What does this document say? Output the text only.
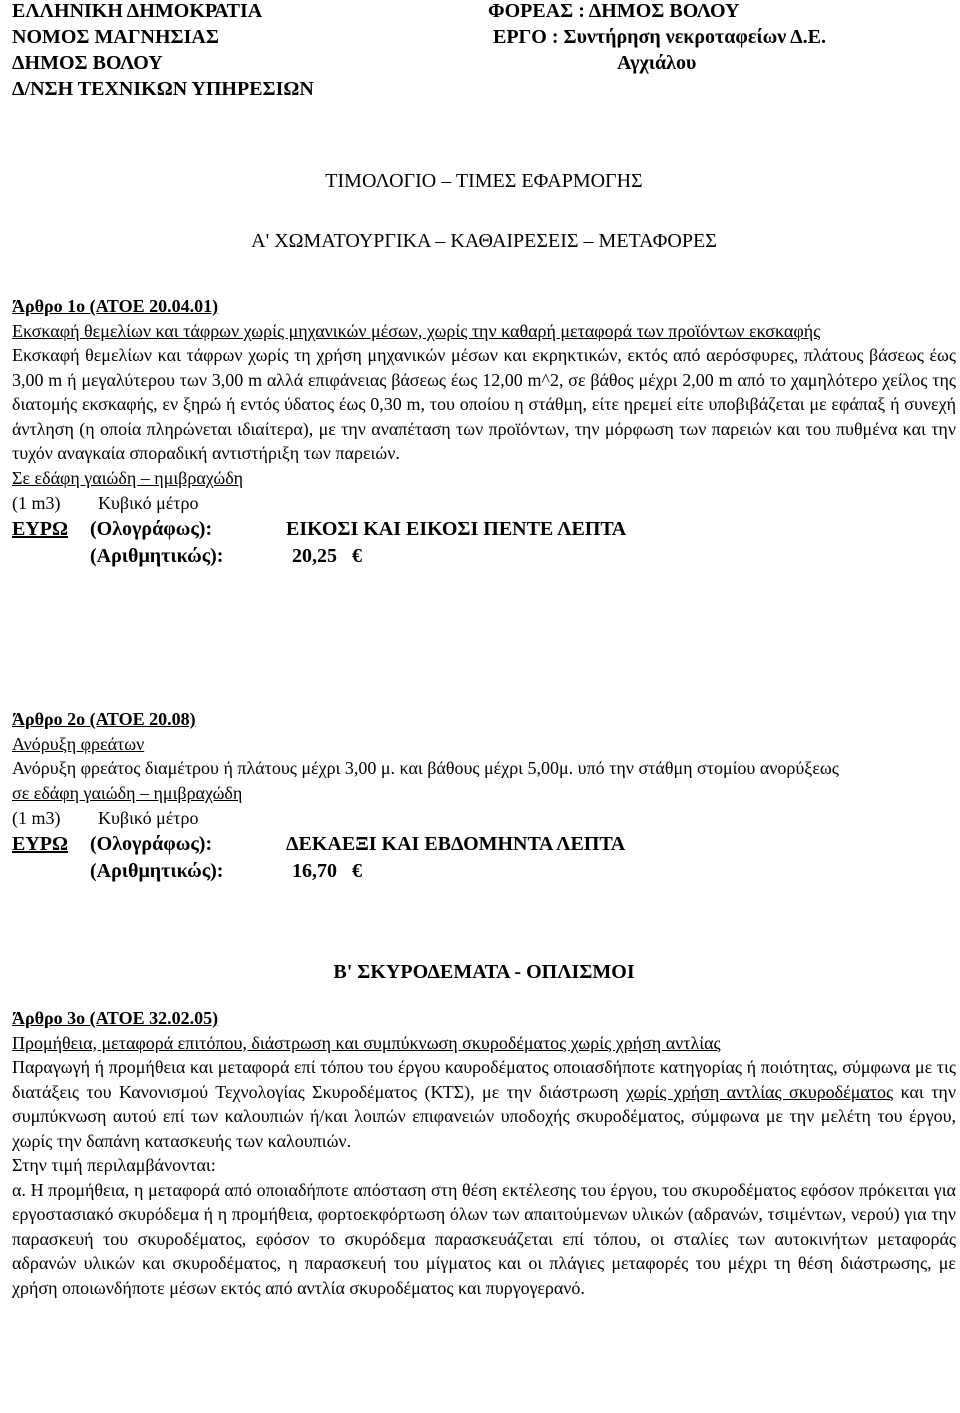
ΕΛΛΗΝΙΚΗ ΔΗΜΟΚΡΑΤΙΑ
ΝΟΜΟΣ ΜΑΓΝΗΣΙΑΣ
ΔΗΜΟΣ ΒΟΛΟΥ
Δ/ΝΣΗ ΤΕΧΝΙΚΩΝ ΥΠΗΡΕΣΙΩΝ
ΦΟΡΕΑΣ : ΔΗΜΟΣ ΒΟΛΟΥ
ΕΡΓΟ : Συντήρηση νεκροταφείων Δ.Ε.
Αγχιάλου
ΤΙΜΟΛΟΓΙΟ – ΤΙΜΕΣ ΕΦΑΡΜΟΓΗΣ
Α' ΧΩΜΑΤΟΥΡΓΙΚΑ – ΚΑΘΑΙΡΕΣΕΙΣ – ΜΕΤΑΦΟΡΕΣ
Άρθρο 1ο (ΑΤΟΕ 20.04.01)
Εκσκαφή θεμελίων και τάφρων χωρίς μηχανικών μέσων, χωρίς την καθαρή μεταφορά των προϊόντων εκσκαφής
Εκσκαφή θεμελίων και τάφρων χωρίς τη χρήση μηχανικών μέσων και εκρηκτικών, εκτός από αερόσφυρες, πλάτους βάσεως έως 3,00 m ή μεγαλύτερου των 3,00 m αλλά επιφάνειας βάσεως έως 12,00 m^2, σε βάθος μέχρι 2,00 m από το χαμηλότερο χείλος της διατομής εκσκαφής, εν ξηρώ ή εντός ύδατος έως 0,30 m, του οποίου η στάθμη, είτε ηρεμεί είτε υποβιβάζεται με εφάπαξ ή συνεχή άντληση (η οποία πληρώνεται ιδιαίτερα), με την αναπέταση των προϊόντων, την μόρφωση των παρειών και του πυθμένα και την τυχόν αναγκαία σποραδική αντιστήριξη των παρειών.
Σε εδάφη γαιώδη – ημιβραχώδη
(1 m3) Κυβικό μέτρο
ΕΥΡΩ (Ολογράφως):	ΕΙΚΟΣΙ ΚΑΙ ΕΙΚΟΣΙ ΠΕΝΤΕ ΛΕΠΤΑ
(Αριθμητικώς):	20,25 €
Άρθρο 2ο (ΑΤΟΕ 20.08)
Ανόρυξη φρεάτων
Ανόρυξη φρεάτος διαμέτρου ή πλάτους μέχρι 3,00 μ. και βάθους μέχρι 5,00μ. υπό την στάθμη στομίου ανορύξεως
σε εδάφη γαιώδη – ημιβραχώδη
(1 m3) Κυβικό μέτρο
ΕΥΡΩ (Ολογράφως):	ΔΕΚΑΕΞΙ ΚΑΙ ΕΒΔΟΜΗΝΤΑ ΛΕΠΤΑ
(Αριθμητικώς):	16,70 €
Β' ΣΚΥΡΟΔΕΜΑΤΑ - ΟΠΛΙΣΜΟΙ
Άρθρο 3ο (ΑΤΟΕ 32.02.05)
Προμήθεια, μεταφορά επιτόπου, διάστρωση και συμπύκνωση σκυροδέματος χωρίς χρήση αντλίας
Παραγωγή ή προμήθεια και μεταφορά επί τόπου του έργου καυροδέματος οποιασδήποτε κατηγορίας ή ποιότητας, σύμφωνα με τις διατάξεις του Κανονισμού Τεχνολογίας Σκυροδέματος (ΚΤΣ), με την διάστρωση χωρίς χρήση αντλίας σκυροδέματος και την συμπύκνωση αυτού επί των καλουπιών ή/και λοιπών επιφανειών υποδοχής σκυροδέματος, σύμφωνα με την μελέτη του έργου, χωρίς την δαπάνη κατασκευής των καλουπιών.
Στην τιμή περιλαμβάνονται:
α. Η προμήθεια, η μεταφορά από οποιαδήποτε απόσταση στη θέση εκτέλεσης του έργου, του σκυροδέματος εφόσον πρόκειται για εργοστασιακό σκυρόδεμα ή η προμήθεια, φορτοεκφόρτωση όλων των απαιτούμενων υλικών (αδρανών, τσιμέντων, νερού) για την παρασκευή του σκυροδέματος, εφόσον το σκυρόδεμα παρασκευάζεται επί τόπου, οι σταλίες των αυτοκινήτων μεταφοράς αδρανών υλικών και σκυροδέματος, η παρασκευή του μίγματος και οι πλάγιες μεταφορές του μέχρι τη θέση διάστρωσης, με χρήση οποιωνδήποτε μέσων εκτός από αντλία σκυροδέματος και πυργογερανό.
